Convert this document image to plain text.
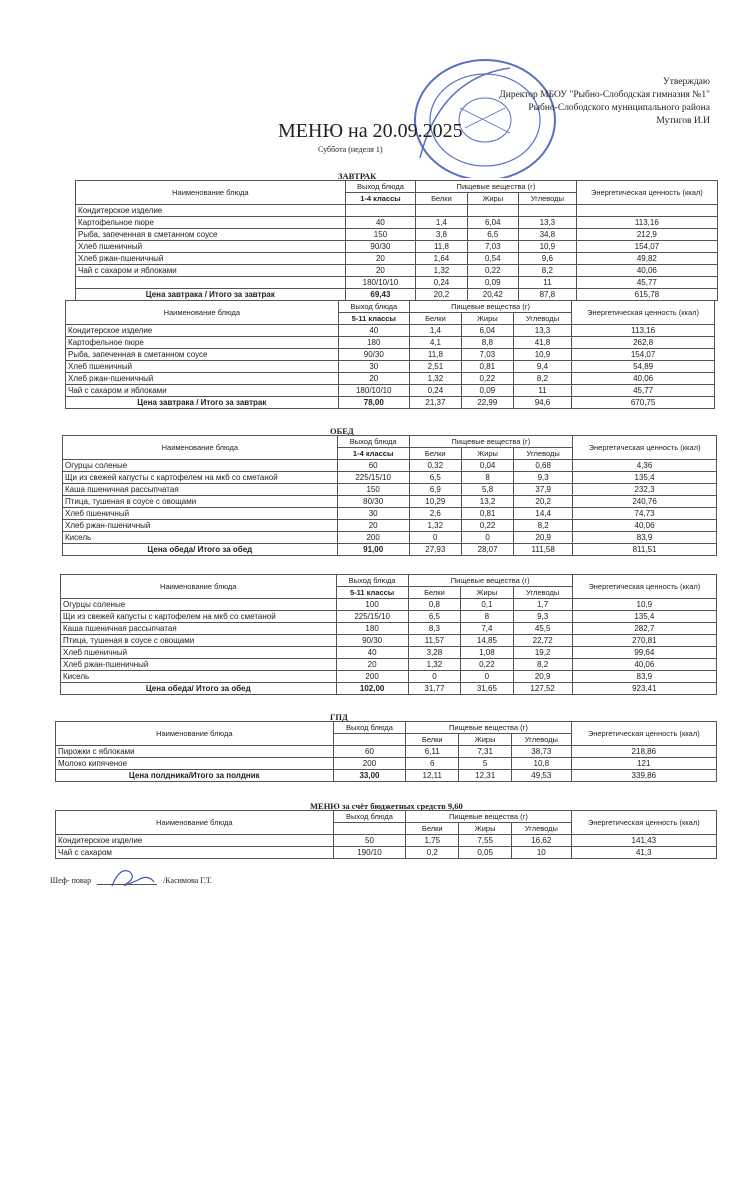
Утверждаю
Директор МБОУ "Рыбно-Слободская гимназия №1"
Рыбно-Слободского муниципального района
Мутигов И.И
МЕНЮ на 20.09.2025
Суббота (неделя 1)
ЗАВТРАК
Наименование блюда	Выход блюда	Пищевые вещества (г)			Энергетическая ценность (ккал)
	1-4 классы	Белки	Жиры	Углеводы	
Кондитерское изделие					
Картофельное пюре	40	1,4	6,04	13,3	113,16
Рыба, запеченная в сметанном соусе	150	3,8	6,5	34,8	212,9
Хлеб пшеничный	90/30	11,8	7,03	10,9	154,07
Хлеб ржан-пшеничный	20	1,64	0,54	9,6	49,82
Чай с сахаром и яблоками	20	1,32	0,22	8,2	40,06
	180/10/10	0,24	0,09	11	45,77
Цена завтрака / Итого за завтрак	69,43	20,2	20,42	87,8	615,78
Наименование блюда	Выход блюда	Пищевые вещества (г)			Энергетическая ценность (ккал)
	5-11 классы	Белки	Жиры	Углеводы	
Кондитерское изделие	40	1,4	6,04	13,3	113,16
Картофельное пюре	180	4,1	8,8	41,8	262,8
Рыба, запеченная в сметанном соусе	90/30	11,8	7,03	10,9	154,07
Хлеб пшеничный	30	2,51	0,81	9,4	54,89
Хлеб ржан-пшеничный	20	1,32	0,22	8,2	40,06
Чай с сахаром и яблоками	180/10/10	0,24	0,09	11	45,77
Цена завтрака / Итого за завтрак	78,00	21,37	22,99	94,6	670,75
ОБЕД
Наименование блюда	Выход блюда	Пищевые вещества (г)			Энергетическая ценность (ккал)
	1-4 классы	Белки	Жиры	Углеводы	
Огурцы соленые	60	0,32	0,04	0,68	4,36
Щи из свежей капусты с картофелем на мкб со сметаной	225/15/10	6,5	8	9,3	135,4
Каша пшеничная рассыпчатая	150	6,9	5,8	37,9	232,3
Птица, тушеная в соусе с овощами	80/30	10,29	13,2	20,2	240,76
Хлеб пшеничный	30	2,6	0,81	14,4	74,73
Хлеб ржан-пшеничный	20	1,32	0,22	8,2	40,06
Кисель	200	0	0	20,9	83,9
Цена обеда/ Итого за обед	91,00	27,93	28,07	111,58	811,51
Наименование блюда	Выход блюда	Пищевые вещества (г)			Энергетическая ценность (ккал)
	5-11 классы	Белки	Жиры	Углеводы	
Огурцы соленые	100	0,8	0,1	1,7	10,9
Щи из свежей капусты с картофелем на мкб со сметаной	225/15/10	6,5	8	9,3	135,4
Каша пшеничная рассыпчатая	180	8,3	7,4	45,5	282,7
Птица, тушеная в соусе с овощами	90/30	11,57	14,85	22,72	270,81
Хлеб пшеничный	40	3,28	1,08	19,2	99,64
Хлеб ржан-пшеничный	20	1,32	0,22	8,2	40,06
Кисель	200	0	0	20,9	83,9
Цена обеда/ Итого за обед	102,00	31,77	31,65	127,52	923,41
ГПД
Наименование блюда	Выход блюда	Пищевые вещества (г)			Энергетическая ценность (ккал)
		Белки	Жиры	Углеводы	
Пирожки с яблоками	60	6,11	7,31	38,73	218,86
Молоко кипяченое	200	6	5	10,8	121
Цена полдника/Итого за полдник	33,00	12,11	12,31	49,53	339,86
МЕНЮ за счёт бюджетных средств 9,60
Наименование блюда	Выход блюда	Пищевые вещества (г)			Энергетическая ценность (ккал)
		Белки	Жиры	Углеводы	
Кондитерское изделие	50	1,75	7,55	16,62	141,43
Чай с сахаром	190/10	0,2	0,05	10	41,3
Шеф- повар	/Касимова Г.Т.
